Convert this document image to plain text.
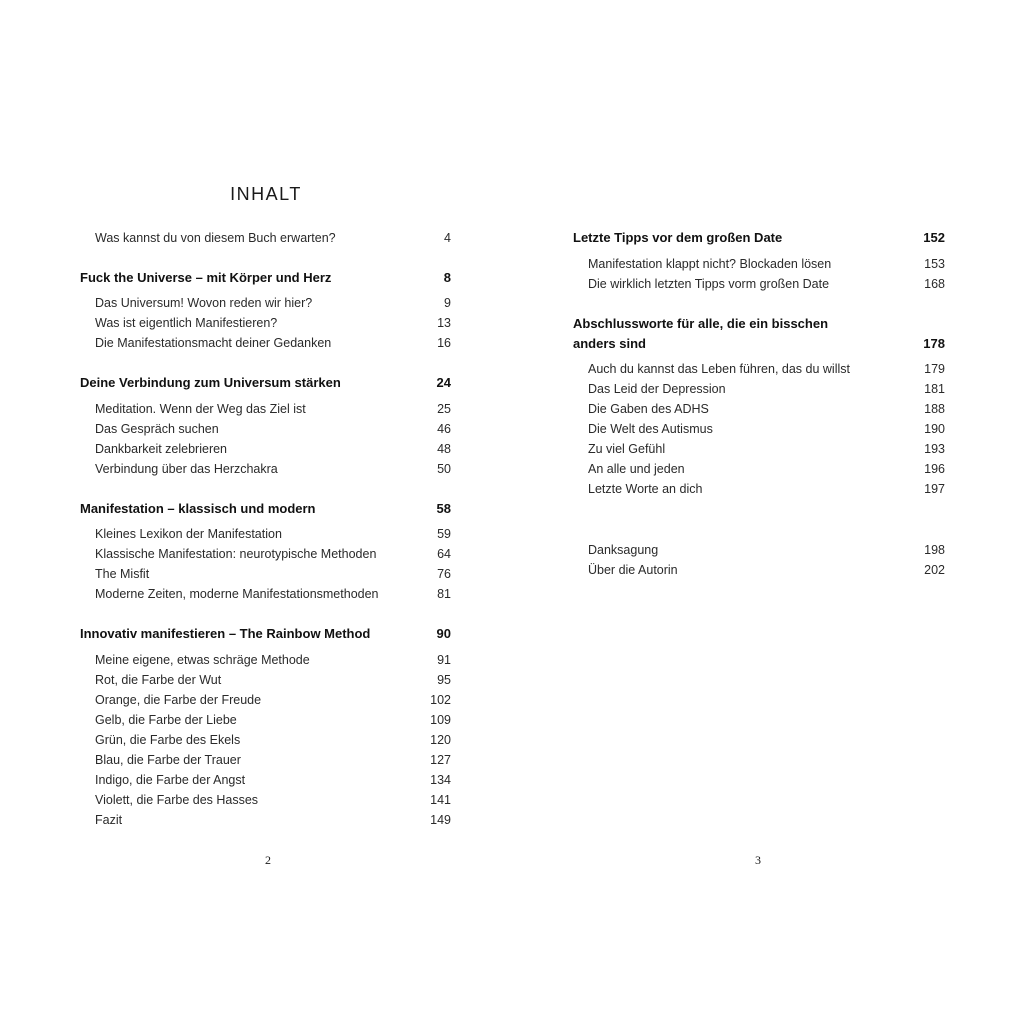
INHALT
Was kannst du von diesem Buch erwarten?	4
Fuck the Universe – mit Körper und Herz	8
Das Universum! Wovon reden wir hier?	9
Was ist eigentlich Manifestieren?	13
Die Manifestationsmacht deiner Gedanken	16
Deine Verbindung zum Universum stärken	24
Meditation. Wenn der Weg das Ziel ist	25
Das Gespräch suchen	46
Dankbarkeit zelebrieren	48
Verbindung über das Herzchakra	50
Manifestation – klassisch und modern	58
Kleines Lexikon der Manifestation	59
Klassische Manifestation: neurotypische Methoden	64
The Misfit	76
Moderne Zeiten, moderne Manifestationsmethoden	81
Innovativ manifestieren – The Rainbow Method	90
Meine eigene, etwas schräge Methode	91
Rot, die Farbe der Wut	95
Orange, die Farbe der Freude	102
Gelb, die Farbe der Liebe	109
Grün, die Farbe des Ekels	120
Blau, die Farbe der Trauer	127
Indigo, die Farbe der Angst	134
Violett, die Farbe des Hasses	141
Fazit	149
2
Letzte Tipps vor dem großen Date	152
Manifestation klappt nicht? Blockaden lösen	153
Die wirklich letzten Tipps vorm großen Date	168
Abschlussworte für alle, die ein bisschen
anders sind	178
Auch du kannst das Leben führen, das du willst	179
Das Leid der Depression	181
Die Gaben des ADHS	188
Die Welt des Autismus	190
Zu viel Gefühl	193
An alle und jeden	196
Letzte Worte an dich	197
Danksagung	198
Über die Autorin	202
3
